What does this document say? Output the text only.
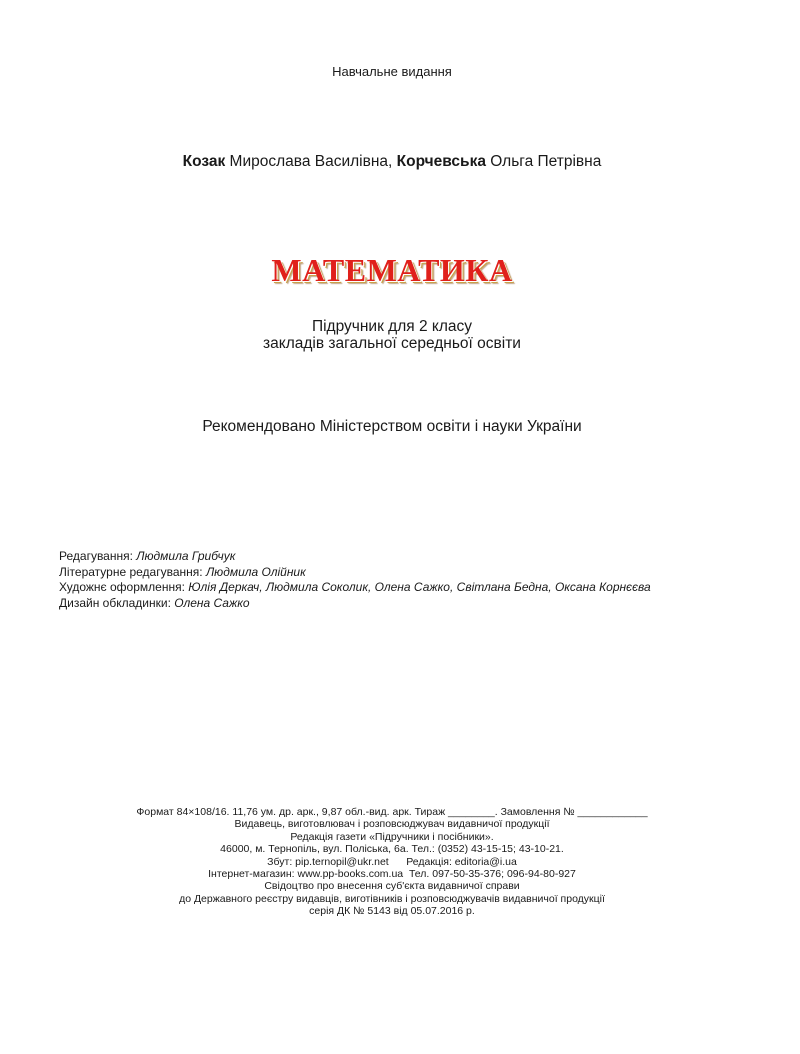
Навчальне видання
Козак Мирослава Василівна, Корчевська Ольга Петрівна
МАТЕМАТИКА
Підручник для 2 класу
закладів загальної середньої освіти
Рекомендовано Міністерством освіти і науки України
Редагування: Людмила Грибчук
Літературне редагування: Людмила Олійник
Художнє оформлення: Юлія Деркач, Людмила Соколик, Олена Сажко, Світлана Бедна, Оксана Корнєєва
Дизайн обкладинки: Олена Сажко
Формат 84×108/16. 11,76 ум. др. арк., 9,87 обл.-вид. арк. Тираж ________. Замовлення № ____________
Видавець, виготовлювач і розповсюджувач видавничої продукції
Редакція газети «Підручники і посібники».
46000, м. Тернопіль, вул. Поліська, 6а. Тел.: (0352) 43-15-15; 43-10-21.
Збут: pip.ternopil@ukr.net      Редакція: editoria@i.ua
Інтернет-магазин: www.pp-books.com.ua  Тел. 097-50-35-376; 096-94-80-927
Свідоцтво про внесення суб'єкта видавничої справи
до Державного реєстру видавців, виготівників і розповсюджувачів видавничої продукції
серія ДК № 5143 від 05.07.2016 р.
